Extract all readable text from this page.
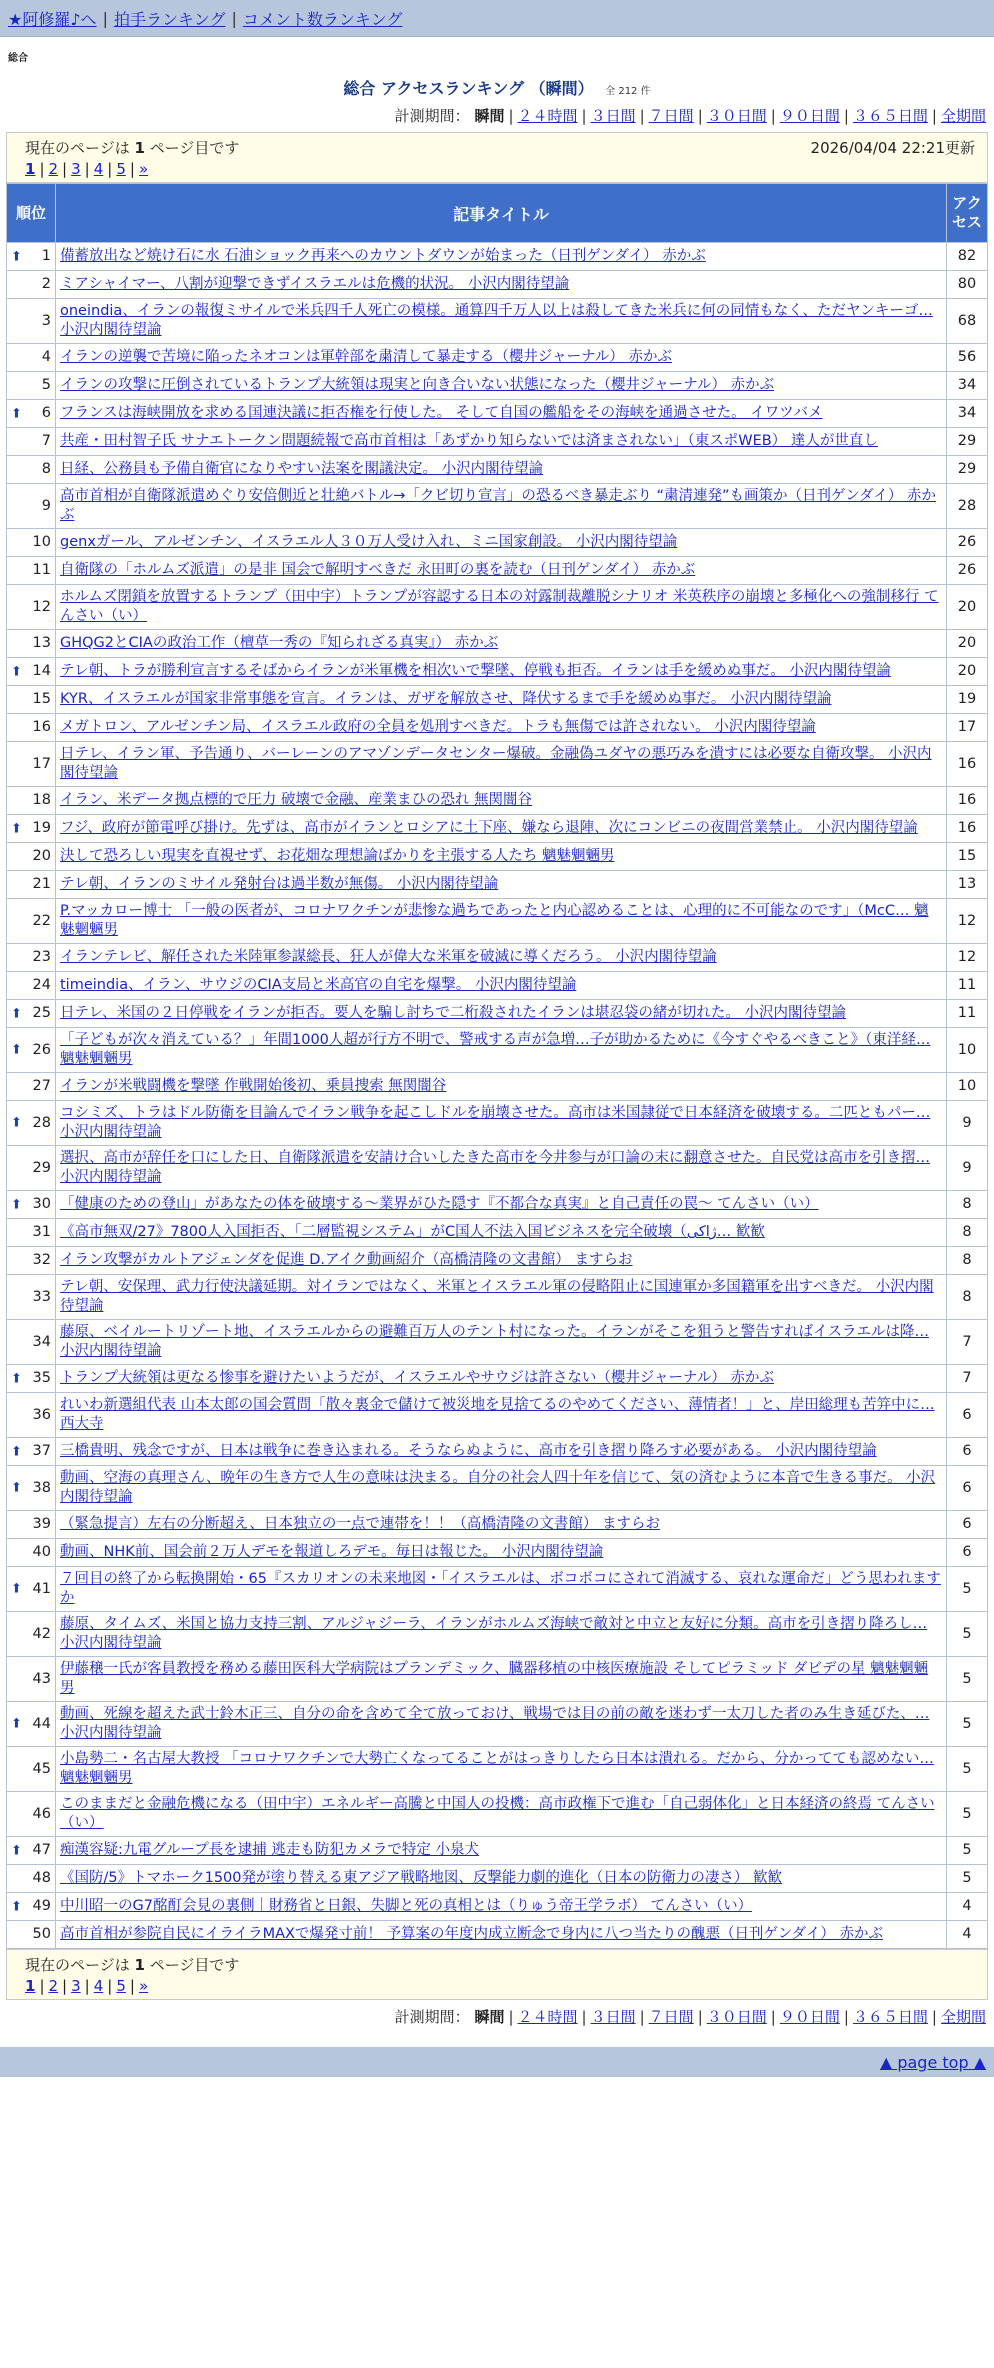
★阿修羅♪へ | 拍手ランキング | コメント数ランキング
総合
総合 アクセスランキング （瞬間） 全 212 件
計測期間： 瞬間 | ２４時間 | ３日間 | ７日間 | ３０日間 | ９０日間 | ３６５日間 | 全期間
現在のページは 1 ページ目です	2026/04/04 22:21更新
1 | 2 | 3 | 4 | 5 | »
順位	記事タイトル	アクセス

⬆ 1	備蓄放出など焼け石に水 石油ショック再来へのカウントダウンが始まった（日刊ゲンダイ） 赤かぶ	82
2	ミアシャイマー、八割が迎撃できずイスラエルは危機的状況。 小沢内閣待望論	80
3	oneindia、イランの報復ミサイルで米兵四千人死亡の模様。通算四千万人以上は殺してきた米兵に何の同情もなく、ただヤンキーゴ… 小沢内閣待望論	68
4	イランの逆襲で苦境に陥ったネオコンは軍幹部を粛清して暴走する（櫻井ジャーナル） 赤かぶ	56
5	イランの攻撃に圧倒されているトランプ大統領は現実と向き合いない状態になった（櫻井ジャーナル） 赤かぶ	34

⬆ 6	フランスは海峡開放を求める国連決議に拒否権を行使した。 そして自国の艦船をその海峡を通過させた。 イワツバメ	34
7	共産・田村智子氏 サナエトークン問題続報で高市首相は「あずかり知らないでは済まされない」（東スポWEB） 達人が世直し	29
8	日経、公務員も予備自衛官になりやすい法案を閣議決定。 小沢内閣待望論	29
9	高市首相が自衛隊派遣めぐり安倍側近と壮絶バトル→「クビ切り宣言」の恐るべき暴走ぶり “粛清連発”も画策か（日刊ゲンダイ） 赤かぶ	28
10	genxガール、アルゼンチン、イスラエル人３０万人受け入れ、ミニ国家創設。 小沢内閣待望論	26
11	自衛隊の「ホルムズ派遣」の是非 国会で解明すべきだ 永田町の裏を読む（日刊ゲンダイ） 赤かぶ	26
12	ホルムズ閉鎖を放置するトランプ（田中宇）トランプが容認する日本の対露制裁離脱シナリオ 米英秩序の崩壊と多極化への強制移行 てんさい（い）	20
13	GHQG2とCIAの政治工作（檀草一秀の『知られざる真実』） 赤かぶ	20

⬆ 14	テレ朝、トラが勝利宣言するそばからイランが米軍機を相次いで撃墜、停戦も拒否。イランは手を緩めぬ事だ。 小沢内閣待望論	20
15	KYR、イスラエルが国家非常事態を宣言。イランは、ガザを解放させ、降伏するまで手を緩めぬ事だ。 小沢内閣待望論	19
16	メガトロン、アルゼンチン局、イスラエル政府の全員を処刑すべきだ。トラも無傷では許されない。 小沢内閣待望論	17
17	日テレ、イラン軍、予告通り、バーレーンのアマゾンデータセンター爆破。金融偽ユダヤの悪巧みを潰すには必要な自衛攻撃。 小沢内閣待望論	16
18	イラン、米データ拠点標的で圧力 破壊で金融、産業まひの恐れ 無関闇谷	16

⬆ 19	フジ、政府が節電呼び掛け。先ずは、高市がイランとロシアに土下座、嫌なら退陣、次にコンビニの夜間営業禁止。 小沢内閣待望論	16
20	決して恐ろしい現実を直視せず、お花畑な理想論ばかりを主張する人たち 魑魅魍魎男	15
21	テレ朝、イランのミサイル発射台は過半数が無傷。 小沢内閣待望論	13
22	P.マッカロー博士 「一般の医者が、コロナワクチンが悲惨な過ちであったと内心認めることは、心理的に不可能なのです」（McC… 魑魅魍魎男	12
23	イランテレビ、解任された米陸軍参謀総長、狂人が偉大な米軍を破滅に導くだろう。 小沢内閣待望論	12
24	timeindia、イラン、サウジのCIA支局と米高官の自宅を爆撃。 小沢内閣待望論	11

⬆ 25	日テレ、米国の２日停戦をイランが拒否。要人を騙し討ちで二桁殺されたイランは堪忍袋の緒が切れた。 小沢内閣待望論	11

⬆ 26	「子どもが次々消えている？」年間1000人超が行方不明で、警戒する声が急増…子が助かるために《今すぐやるべきこと》（東洋経… 魑魅魍魎男	10
27	イランが米戦闘機を撃墜 作戦開始後初、乗員捜索 無関闇谷	10

⬆ 28	コシミズ、トラはドル防衛を目論んでイラン戦争を起こしドルを崩壊させた。高市は米国隷従で日本経済を破壊する。二匹ともパー… 小沢内閣待望論	9
29	選択、高市が辞任を口にした日、自衛隊派遣を安請け合いしたきた高市を今井参与が口論の末に翻意させた。自民党は高市を引き摺… 小沢内閣待望論	9

⬆ 30	「健康のための登山」があなたの体を破壊する～業界がひた隠す『不都合な真実』と自己責任の罠～ てんさい（い）	8
31	《高市無双/27》7800人入国拒否、「二層監視システム」がC国人不法入国ビジネスを完全破壊（ژاکی… 歓歓	8
32	イラン攻撃がカルトアジェンダを促進 D.アイク動画紹介（高橋清隆の文書館） ますらお	8
33	テレ朝、安保理、武力行使決議延期。対イランではなく、米軍とイスラエル軍の侵略阻止に国連軍か多国籍軍を出すべきだ。 小沢内閣待望論	8
34	藤原、ベイルートリゾート地、イスラエルからの避難百万人のテント村になった。イランがそこを狙うと警告すればイスラエルは降… 小沢内閣待望論	7

⬆ 35	トランプ大統領は更なる惨事を避けたいようだが、イスラエルやサウジは許さない（櫻井ジャーナル） 赤かぶ	7
36	れいわ新選組代表 山本太郎の国会質問「散々裏金で儲けて被災地を見捨てるのやめてください、薄情者！」と、岸田総理も苦笄中に… 西大寺	6

⬆ 37	三橋貴明、残念ですが、日本は戦争に巻き込まれる。そうならぬように、高市を引き摺り降ろす必要がある。 小沢内閣待望論	6

⬆ 38	動画、空海の真理さん、晩年の生き方で人生の意味は決まる。自分の社会人四十年を信じて、気の済むように本音で生きる事だ。 小沢内閣待望論	6
39	（緊急提言）左右の分断超え、日本独立の一点で連帯を！！（高橋清隆の文書館） ますらお	6
40	動画、NHK前、国会前２万人デモを報道しろデモ。毎日は報じた。 小沢内閣待望論	6

⬆ 41	７回目の終了から転換開始・65『スカリオンの未来地図・「イスラエルは、ボコボコにされて消滅する、哀れな運命だ」どう思われますか	5
42	藤原、タイムズ、米国と協力支持三割、アルジャジーラ、イランがホルムズ海峡で敵対と中立と友好に分類。高市を引き摺り降ろし… 小沢内閣待望論	5
43	伊藤穣一氏が客員教授を務める藤田医科大学病院はプランデミック、臓器移植の中核医療施設 そしてピラミッド ダビデの星 魑魅魍魎男	5

⬆ 44	動画、死線を超えた武士鈴木正三、自分の命を含めて全て放っておけ、戦場では目の前の敵を迷わず一太刀した者のみ生き延びた、… 小沢内閣待望論	5
45	小島勢二・名古屋大教授 「コロナワクチンで大勢亡くなってることがはっきりしたら日本は潰れる。だから、分かってても認めない… 魑魅魍魎男	5
46	このままだと金融危機になる（田中宇）エネルギー高騰と中国人の投機：高市政権下で進む「自己弱体化」と日本経済の終焉 てんさい（い）	5

⬆ 47	痴漢容疑:九電グループ長を逮捕 逃走も防犯カメラで特定 小泉犬	5
48	《国防/5》トマホーク1500発が塗り替える東アジア戦略地図、反撃能力劇的進化（日本の防衛力の凄さ） 歓歓	5

⬆ 49	中川昭一のG7酩酊会見の裏側｜財務省と日銀、失脚と死の真相とは（りゅう帝王学ラボ） てんさい（い）	4
50	高市首相が参院自民にイライラMAXで爆発寸前！ 予算案の年度内成立断念で身内に八つ当たりの醜悪（日刊ゲンダイ） 赤かぶ	4
現在のページは 1 ページ目です
1 | 2 | 3 | 4 | 5 | »
計測期間： 瞬間 | ２４時間 | ３日間 | ７日間 | ３０日間 | ９０日間 | ３６５日間 | 全期間
▲ page top ▲
